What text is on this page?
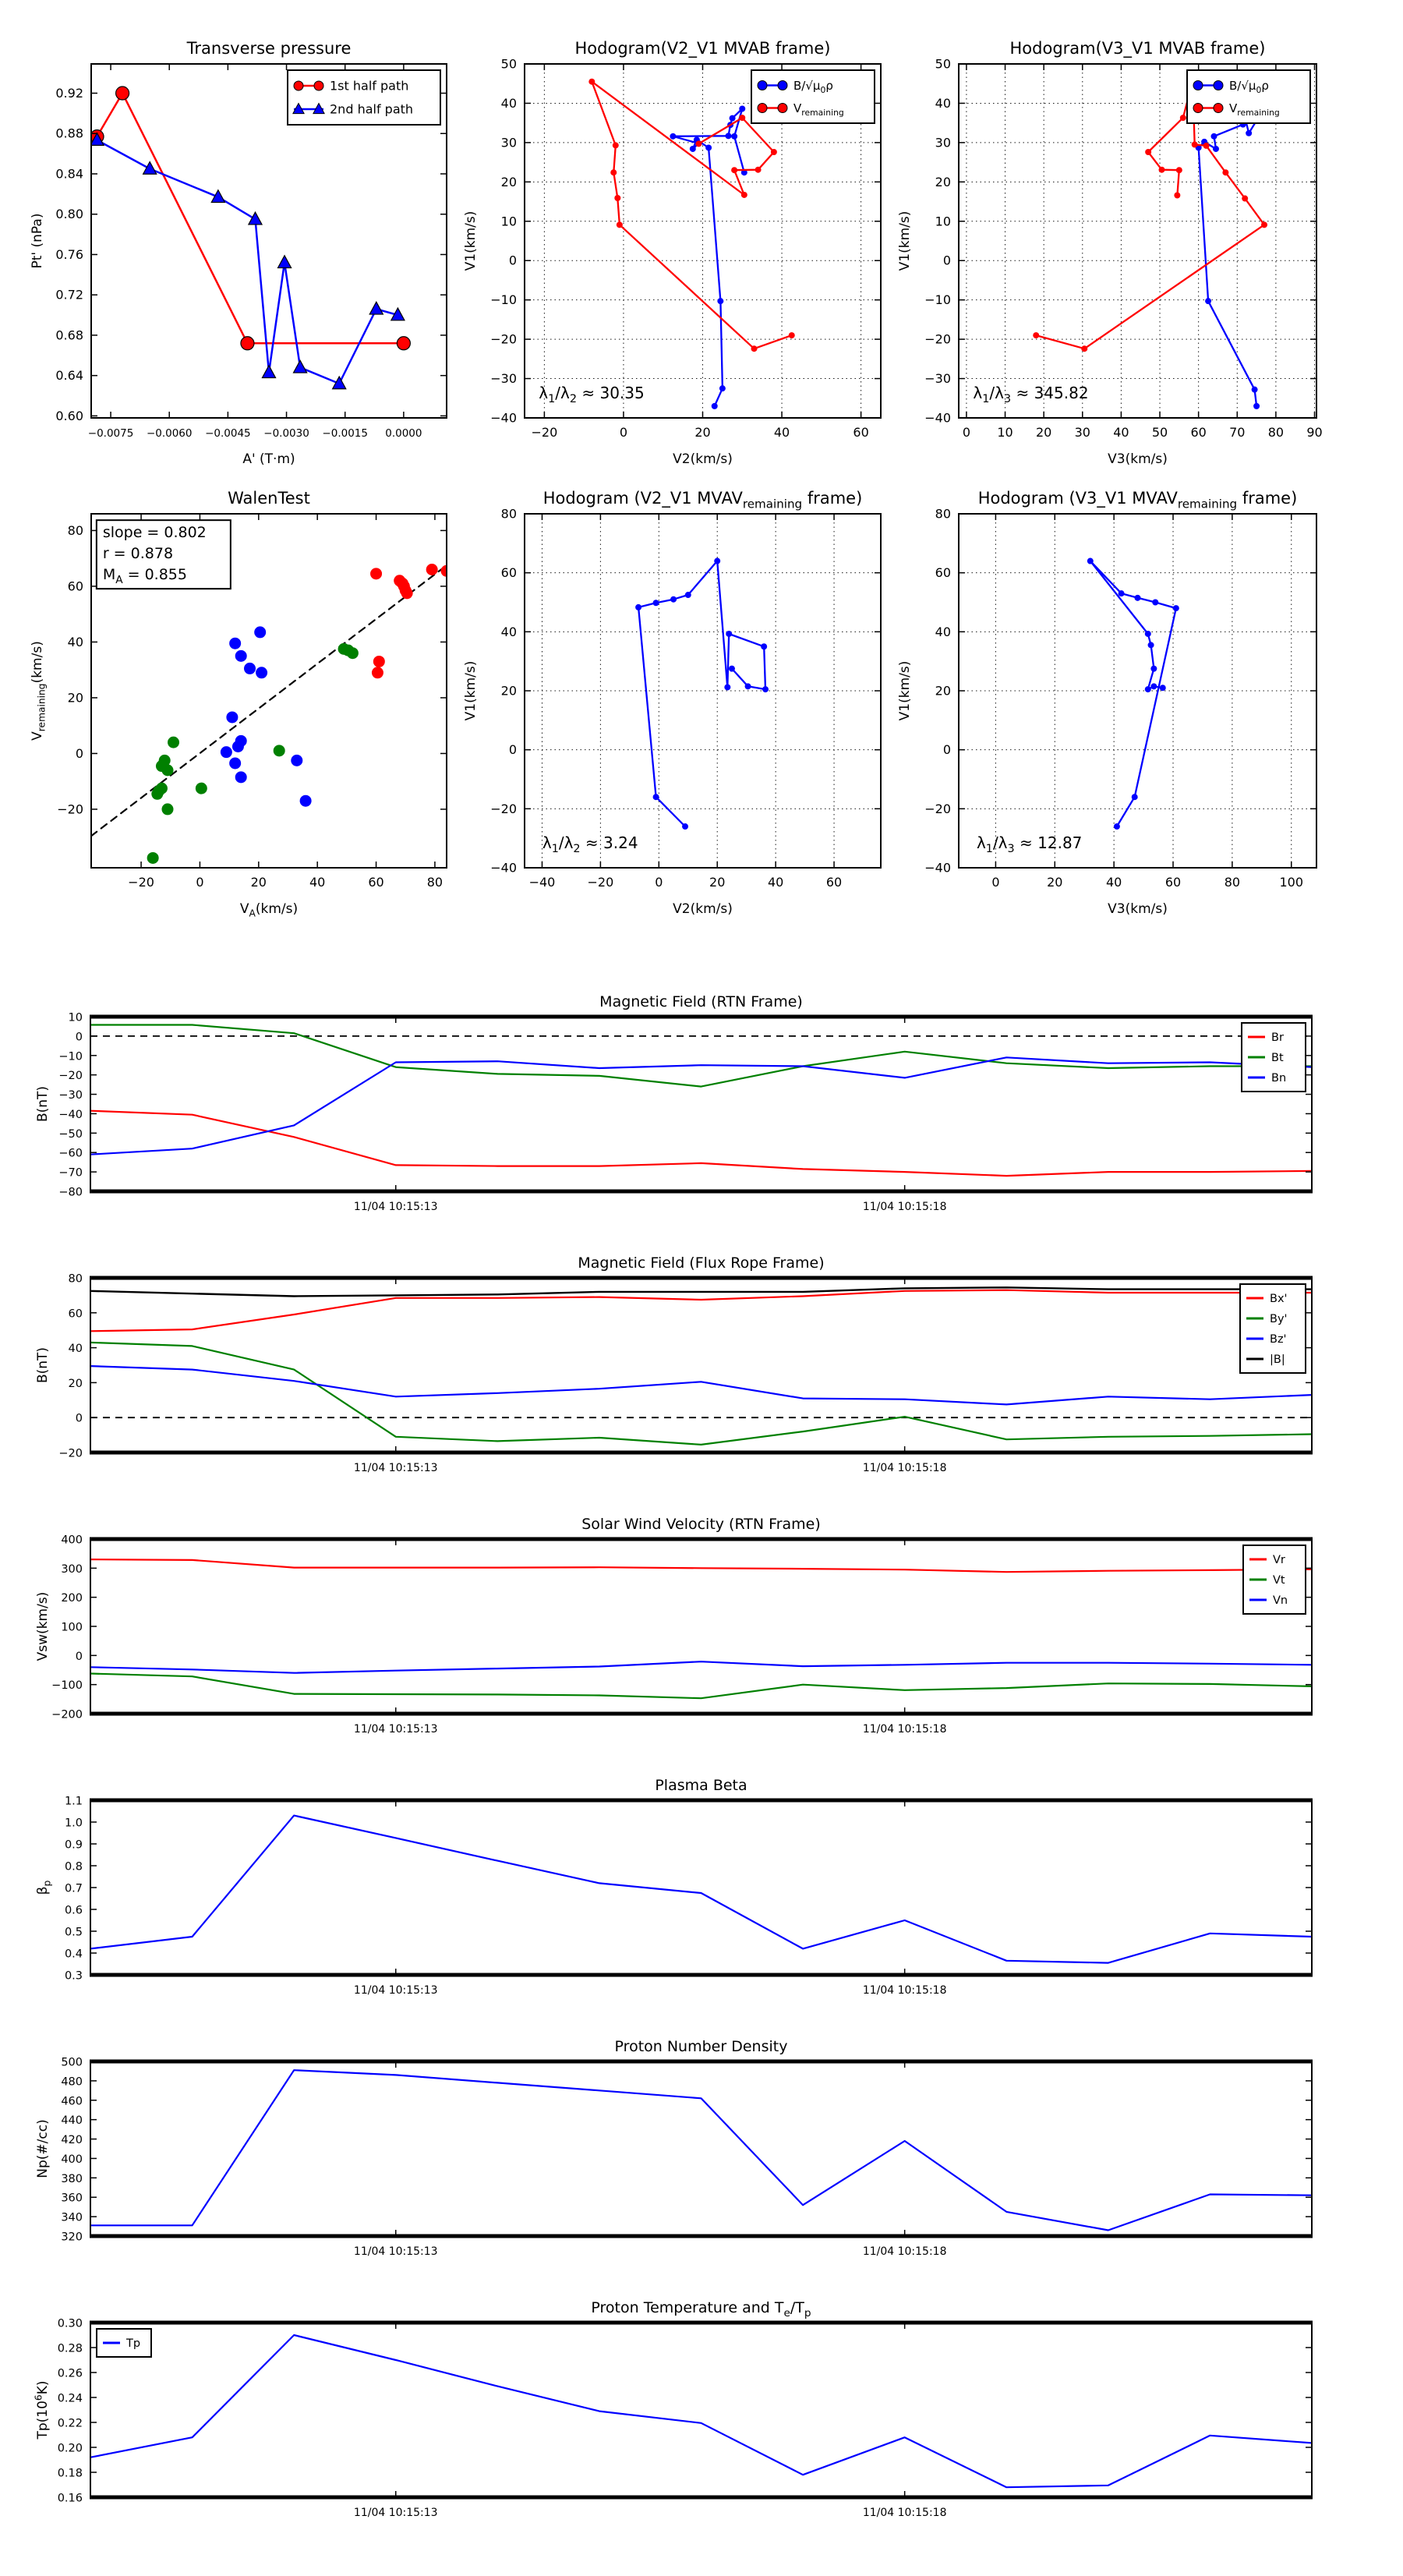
−0.0075 −0.0060 −0.0045 −0.0030 −0.0015 0.0000
0.92
0.88
0.84
0.80
0.76
0.72
0.68
0.64
0.60
Transverse pressure
A' (T·m)
Pt' (nPa)
1st half path
2nd half path
−20	0	20	40	60
50
40
30
20
10
0
−10
−20
−30
−40
Hodogram(V2_V1 MVAB frame)
V2(km/s)
V1(km/s)
$B/√\mu_0\rho$
$V_{remaining}$
$\lambda_1/\lambda_2 \approx 30.35$
0 10 20 30 40 50 60 70 80 90
50
40
30
20
10
0
−10
−20
−30
−40
Hodogram(V3_V1 MVAB frame)
V3(km/s)
V1(km/s)
$B/√\mu_0\rho$
$V_{remaining}$
$\lambda_1/\lambda_3 \approx 345.82$
−20	0	20	40	60	80
80
60
40
20
0
−20
WalenTest
$V_A(km/s)$
$V_{remaining}(km/s)$
slope = 0.802
r = 0.878
$M_A = 0.855$
−40	−20	0	20	40	60
80
60
40
20
0
−20
−40
Hodogram (V2_V1 $MVAV_{remaining}$ frame)
V2(km/s)
V1(km/s)
$\lambda_1/\lambda_2 \approx 3.24$
0	20	40	60	80	100
80
60
40
20
0
−20
−40
Hodogram (V3_V1 $MVAV_{remaining}$ frame)
V3(km/s)
V1(km/s)
$\lambda_1/\lambda_3 \approx 12.87$
11/04 10:15:13	11/04 10:15:18
10
0
−10
−20
−30
−40
−50
−60
−70
−80
Magnetic Field (RTN Frame)
B(nT)
Br
Bt
Bn
11/04 10:15:13	11/04 10:15:18
80
60
40
20
0
−20
Magnetic Field (Flux Rope Frame)
B(nT)
Bx'
By'
Bz'
|B|
11/04 10:15:13	11/04 10:15:18
400
300
200
100
0
−100
−200
Solar Wind Velocity (RTN Frame)
Vsw(km/s)
Vr
Vt
Vn
11/04 10:15:13	11/04 10:15:18
1.1
1.0
0.9
0.8
0.7
0.6
0.5
0.4
0.3
Plasma Beta
$\beta_p$
11/04 10:15:13	11/04 10:15:18
500
480
460
440
420
400
380
360
340
320
Proton Number Density
Np(#/cc)
11/04 10:15:13	11/04 10:15:18
0.30
0.28
0.26
0.24
0.22
0.20
0.18
0.16
Proton Temperature and $T_e/T_p$
$Tp(10^6K)$
Tp
